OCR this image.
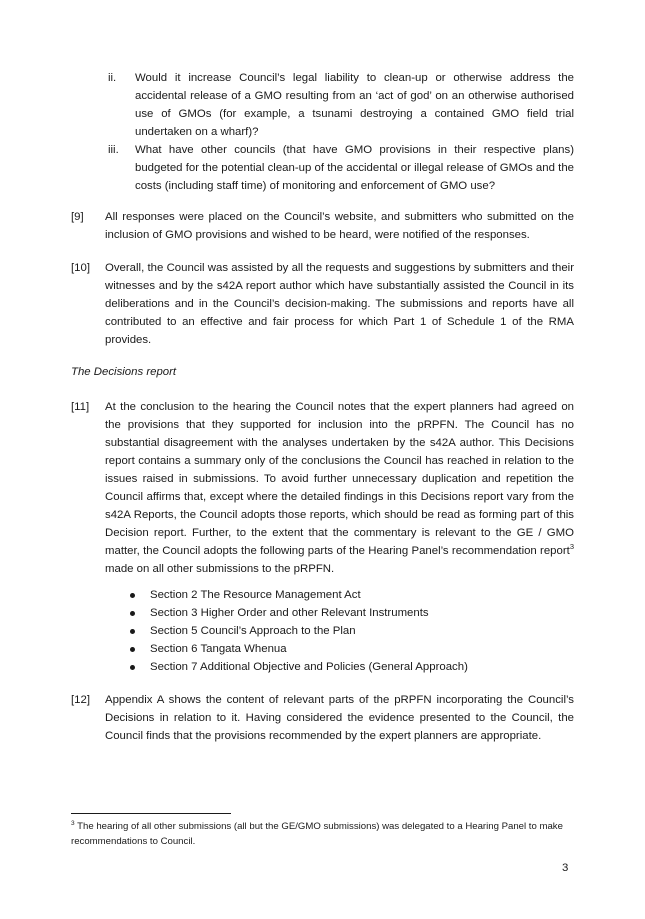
ii.	Would it increase Council’s legal liability to clean-up or otherwise address the accidental release of a GMO resulting from an ‘act of god’ on an otherwise authorised use of GMOs (for example, a tsunami destroying a contained GMO field trial undertaken on a wharf)?
iii.	What have other councils (that have GMO provisions in their respective plans) budgeted for the potential clean-up of the accidental or illegal release of GMOs and the costs (including staff time) of monitoring and enforcement of GMO use?
[9]	All responses were placed on the Council’s website, and submitters who submitted on the inclusion of GMO provisions and wished to be heard, were notified of the responses.
[10]	Overall, the Council was assisted by all the requests and suggestions by submitters and their witnesses and by the s42A report author which have substantially assisted the Council in its deliberations and in the Council’s decision-making. The submissions and reports have all contributed to an effective and fair process for which Part 1 of Schedule 1 of the RMA provides.
The Decisions report
[11]	At the conclusion to the hearing the Council notes that the expert planners had agreed on the provisions that they supported for inclusion into the pRPFN. The Council has no substantial disagreement with the analyses undertaken by the s42A author. This Decisions report contains a summary only of the conclusions the Council has reached in relation to the issues raised in submissions. To avoid further unnecessary duplication and repetition the Council affirms that, except where the detailed findings in this Decisions report vary from the s42A Reports, the Council adopts those reports, which should be read as forming part of this Decision report. Further, to the extent that the commentary is relevant to the GE / GMO matter, the Council adopts the following parts of the Hearing Panel’s recommendation report$^3$ made on all other submissions to the pRPFN.
Section 2 The Resource Management Act
Section 3 Higher Order and other Relevant Instruments
Section 5 Council’s Approach to the Plan
Section 6 Tangata Whenua
Section 7 Additional Objective and Policies (General Approach)
[12]	Appendix A shows the content of relevant parts of the pRPFN incorporating the Council’s Decisions in relation to it. Having considered the evidence presented to the Council, the Council finds that the provisions recommended by the expert planners are appropriate.
$^3$ The hearing of all other submissions (all but the GE/GMO submissions) was delegated to a Hearing Panel to make recommendations to Council.
3
